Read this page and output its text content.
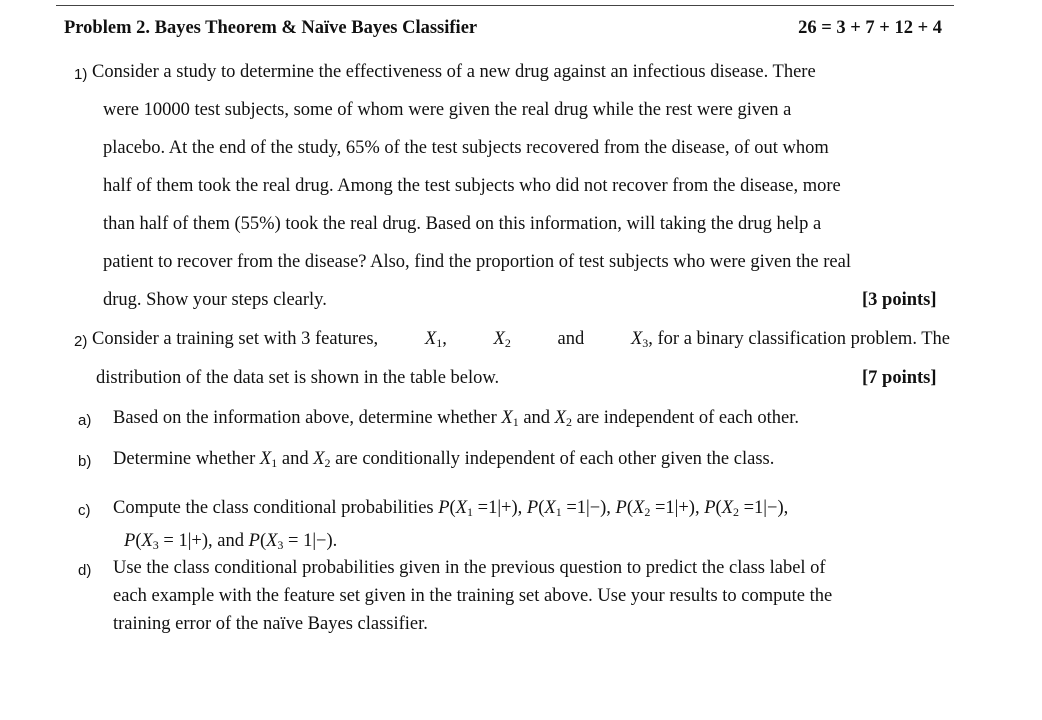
Problem 2. Bayes Theorem & Naïve Bayes Classifier	26 = 3 + 7 + 12 + 4
1) Consider a study to determine the effectiveness of a new drug against an infectious disease. There
were 10000 test subjects, some of whom were given the real drug while the rest were given a
placebo. At the end of the study, 65% of the test subjects recovered from the disease, of out whom
half of them took the real drug. Among the test subjects who did not recover from the disease, more
than half of them (55%) took the real drug. Based on this information, will taking the drug help a
patient to recover from the disease? Also, find the proportion of test subjects who were given the real
drug. Show your steps clearly.	[3 points]
2) Consider a training set with 3 features,	$X_1$,	$X_2$	and	$X_3$, for a binary classification problem. The
distribution of the data set is shown in the table below.	[7 points]
a) Based on the information above, determine whether $X_1$ and $X_2$ are independent of each other.
b) Determine whether $X_1$ and $X_2$ are conditionally independent of each other given the class.
c) Compute the class conditional probabilities $P(X_1 =1|+)$, $P(X_1 =1|-)$, $P(X_2 =1|+)$, $P(X_2 =1|-)$,
$P(X_3 = 1|+)$, and $P(X_3 = 1|-)$.
d) Use the class conditional probabilities given in the previous question to predict the class label of
each example with the feature set given in the training set above. Use your results to compute the
training error of the naïve Bayes classifier.
